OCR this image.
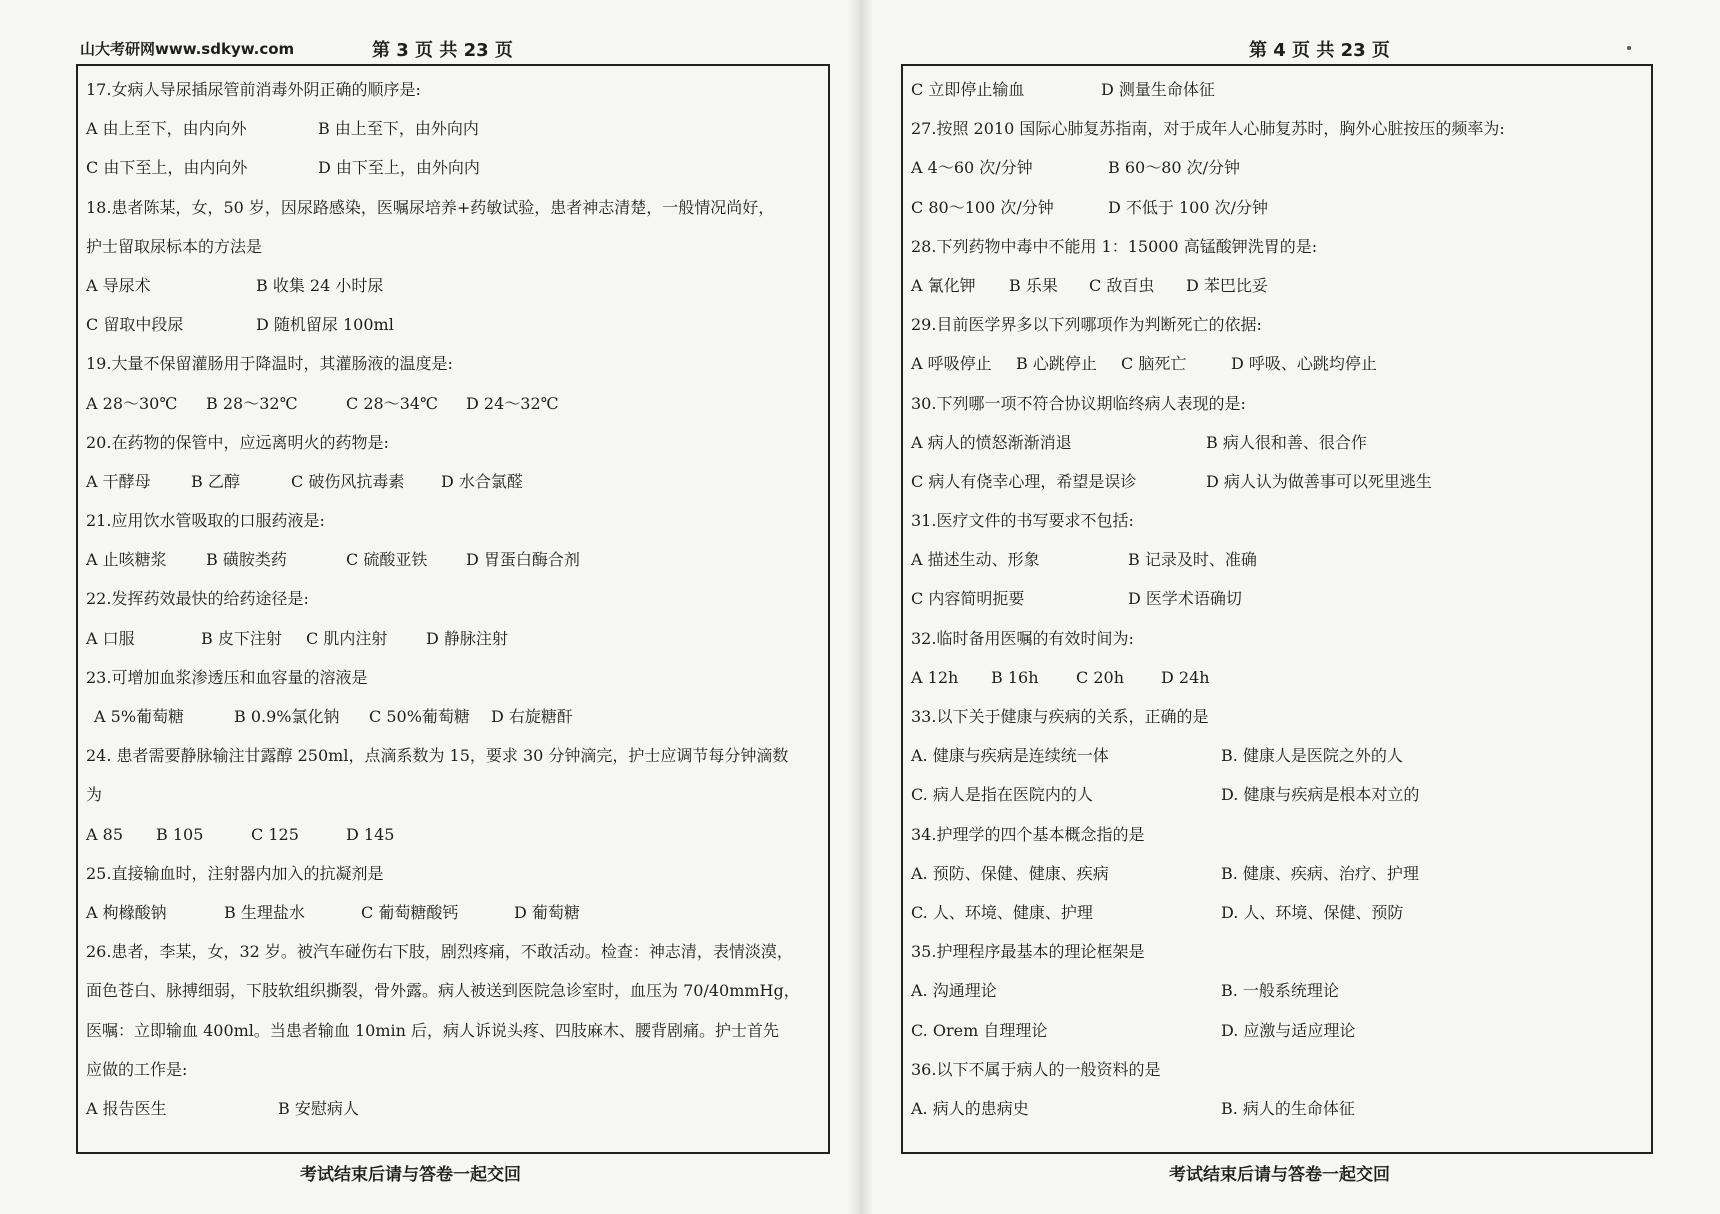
山大考研网www.sdkyw.com	第 3 页 共 23 页
17.女病人导尿插尿管前消毒外阴正确的顺序是:
A 由上至下，由内向外	B 由上至下，由外向内
C 由下至上，由内向外	D 由下至上，由外向内
18.患者陈某，女，50 岁，因尿路感染，医嘱尿培养+药敏试验，患者神志清楚，一般情况尚好，
护士留取尿标本的方法是
A 导尿术	B 收集 24 小时尿
C 留取中段尿	D 随机留尿 100ml
19.大量不保留灌肠用于降温时，其灌肠液的温度是:
A 28～30℃ B 28～32℃	C 28～34℃ D 24～32℃
20.在药物的保管中，应远离明火的药物是:
A 干酵母	B 乙醇	C 破伤风抗毒素 D 水合氯醛
21.应用饮水管吸取的口服药液是:
A 止咳糖浆 B 磺胺类药	C 硫酸亚铁 D 胃蛋白酶合剂
22.发挥药效最快的给药途径是:
A 口服	B 皮下注射 C 肌内注射 D 静脉注射
23.可增加血浆渗透压和血容量的溶液是
A 5%葡萄糖	B 0.9%氯化钠 C 50%葡萄糖 D 右旋糖酐
24. 患者需要静脉输注甘露醇 250ml，点滴系数为 15，要求 30 分钟滴完，护士应调节每分钟滴数
为
A 85 B 105	C 125	D 145
25.直接输血时，注射器内加入的抗凝剂是
A 枸橼酸钠	B 生理盐水	C 葡萄糖酸钙	D 葡萄糖
26.患者，李某，女，32 岁。被汽车碰伤右下肢，剧烈疼痛，不敢活动。检查：神志清，表情淡漠，
面色苍白、脉搏细弱，下肢软组织撕裂，骨外露。病人被送到医院急诊室时，血压为 70/40mmHg，
医嘱：立即输血 400ml。当患者输血 10min 后，病人诉说头疼、四肢麻木、腰背剧痛。护士首先
应做的工作是:
A 报告医生	B 安慰病人
考试结束后请与答卷一起交回
第 4 页 共 23 页
C 立即停止输血	D 测量生命体征
27.按照 2010 国际心肺复苏指南，对于成年人心肺复苏时，胸外心脏按压的频率为:
A 4～60 次/分钟	B 60～80 次/分钟
C 80～100 次/分钟	D 不低于 100 次/分钟
28.下列药物中毒中不能用 1：15000 高锰酸钾洗胃的是:
A 氰化钾 B 乐果 C 敌百虫 D 苯巴比妥
29.目前医学界多以下列哪项作为判断死亡的依据:
A 呼吸停止 B 心跳停止 C 脑死亡	D 呼吸、心跳均停止
30.下列哪一项不符合协议期临终病人表现的是:
A 病人的愤怒渐渐消退	B 病人很和善、很合作
C 病人有侥幸心理，希望是误诊	D 病人认为做善事可以死里逃生
31.医疗文件的书写要求不包括:
A 描述生动、形象	B 记录及时、准确
C 内容简明扼要	D 医学术语确切
32.临时备用医嘱的有效时间为:
A 12h B 16h C 20h D 24h
33.以下关于健康与疾病的关系，正确的是
A. 健康与疾病是连续统一体	B. 健康人是医院之外的人
C. 病人是指在医院内的人	D. 健康与疾病是根本对立的
34.护理学的四个基本概念指的是
A. 预防、保健、健康、疾病	B. 健康、疾病、治疗、护理
C. 人、环境、健康、护理	D. 人、环境、保健、预防
35.护理程序最基本的理论框架是
A. 沟通理论	B. 一般系统理论
C. Orem 自理理论	D. 应激与适应理论
36.以下不属于病人的一般资料的是
A. 病人的患病史	B. 病人的生命体征
考试结束后请与答卷一起交回
